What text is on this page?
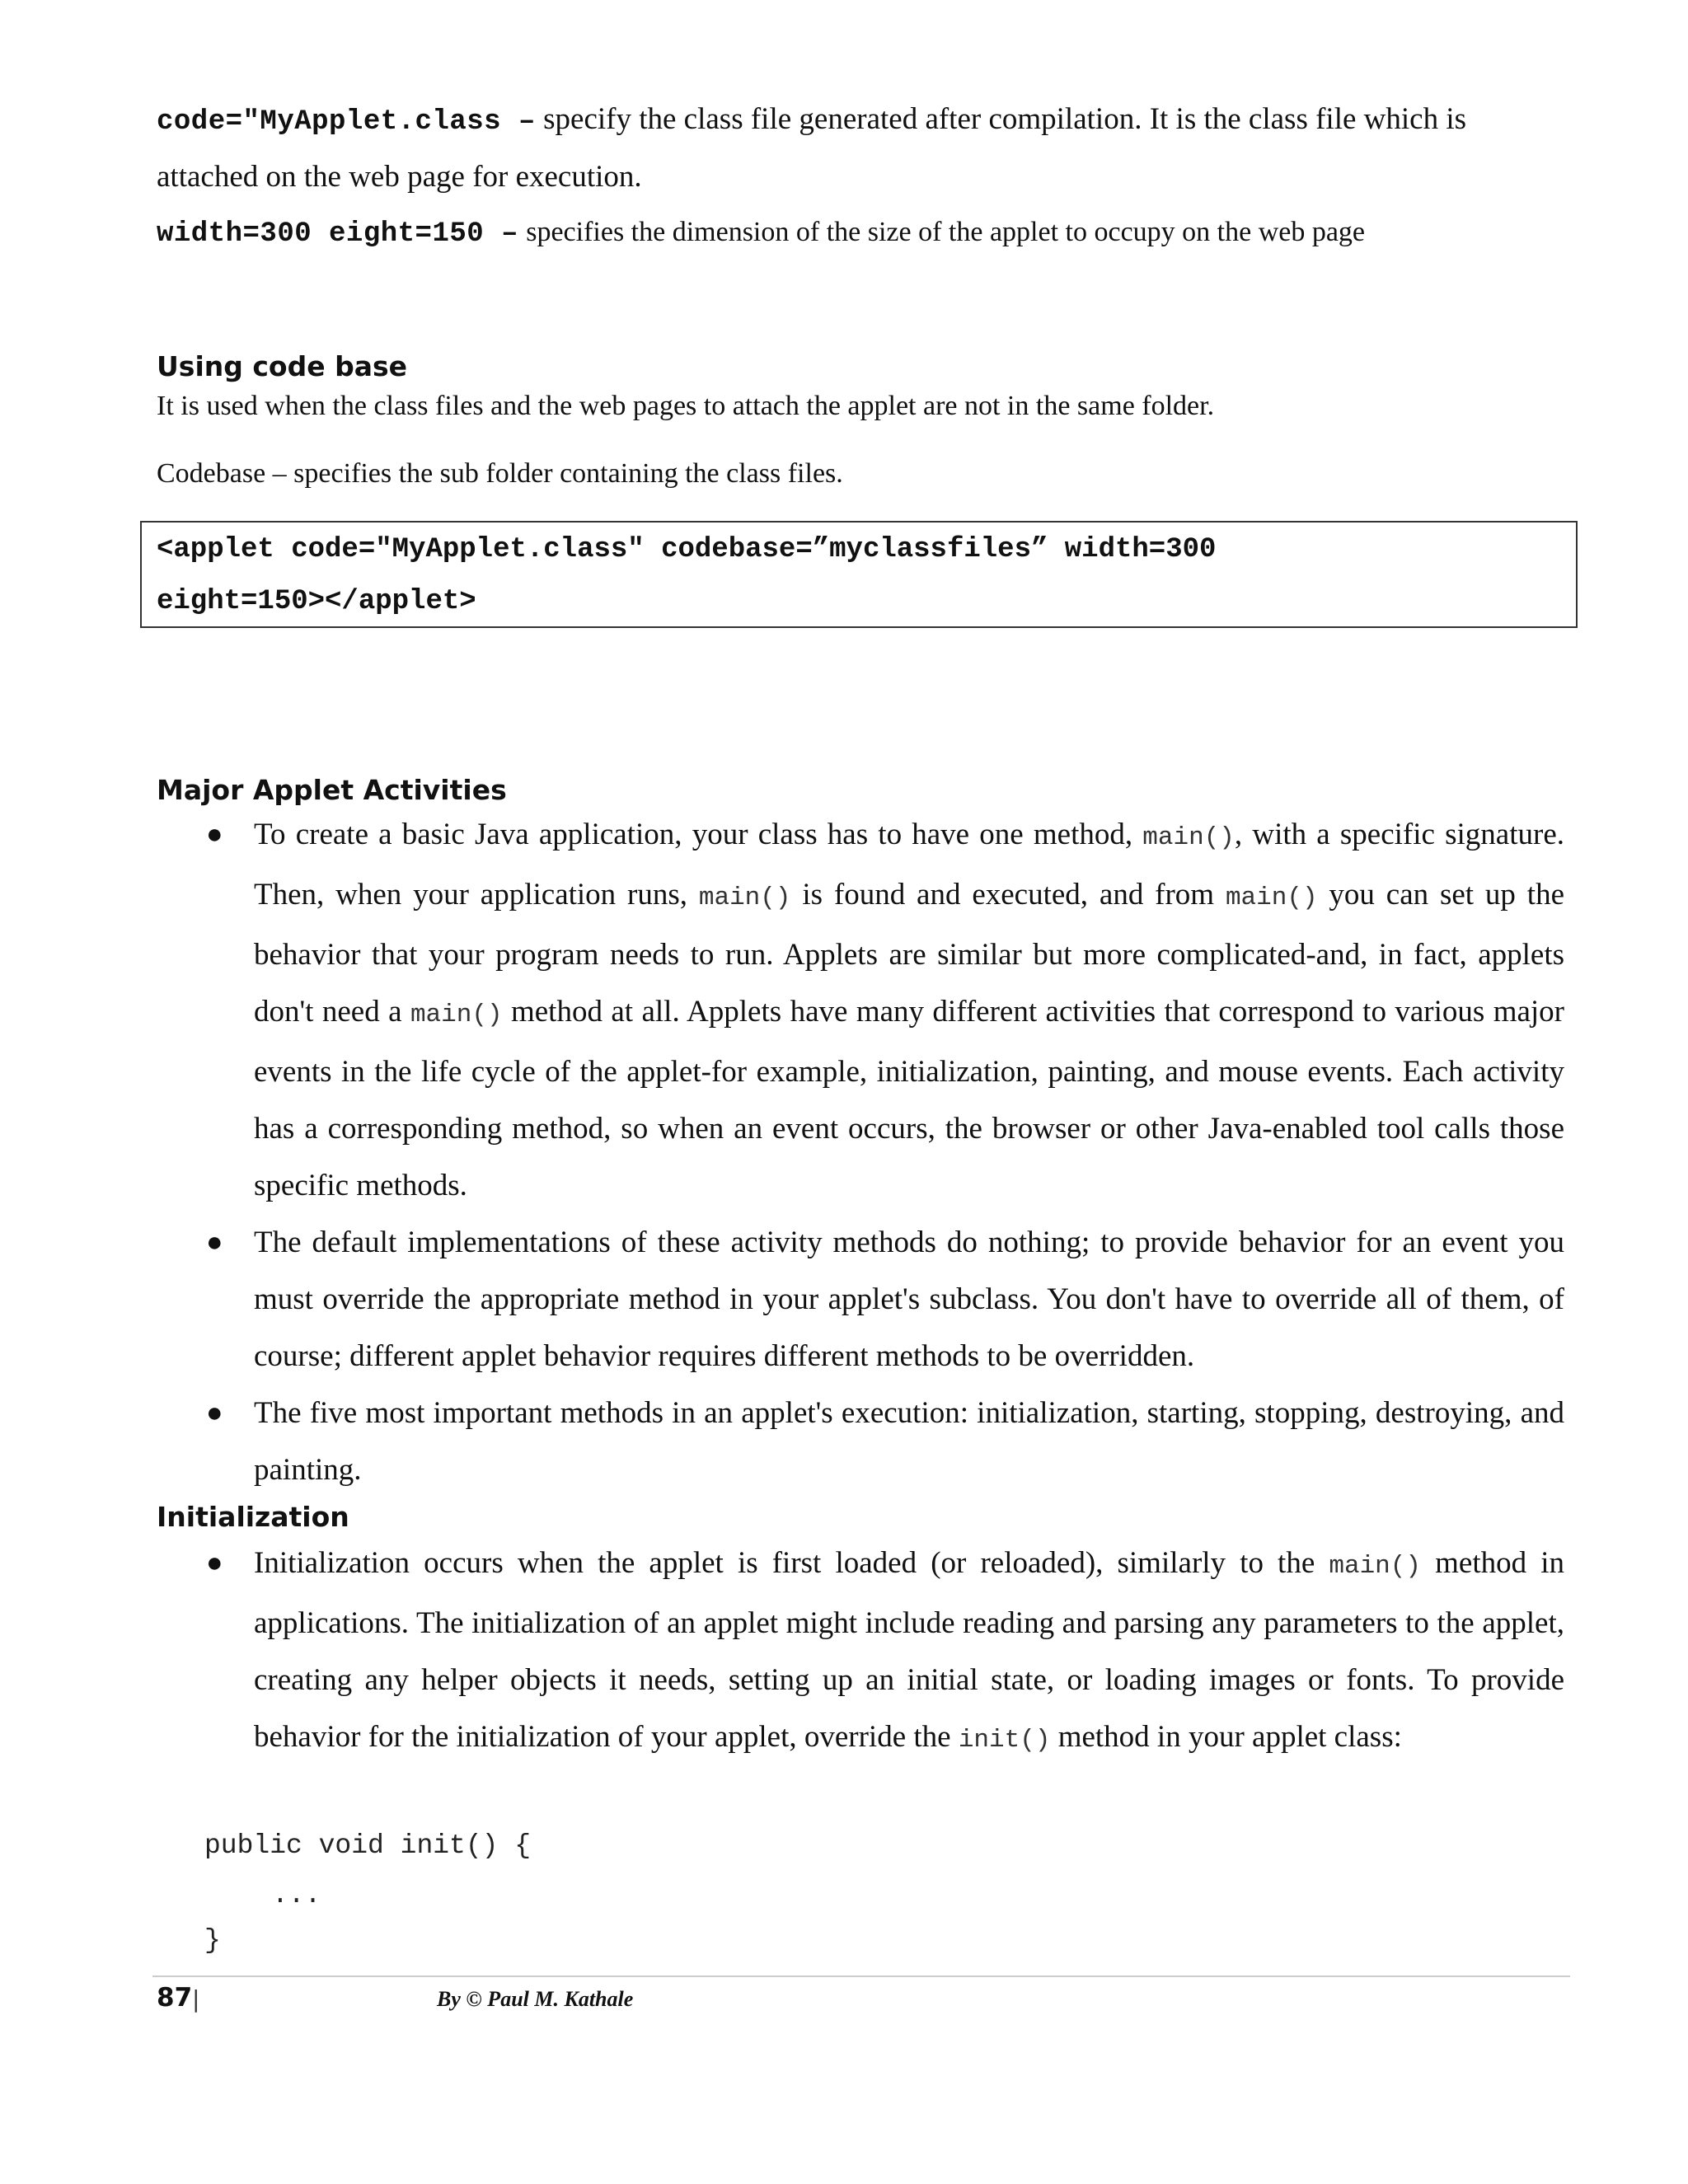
code="MyApplet.class – specify the class file generated after compilation. It is the class file which is
attached on the web page for execution.
width=300 eight=150 – specifies the dimension of the size of the applet to occupy on the web page
Using code base
It is used when the class files and the web pages to attach the applet are not in the same folder.
Codebase – specifies the sub folder containing the class files.
<applet code="MyApplet.class" codebase=”myclassfiles” width=300
eight=150></applet>
Major Applet Activities
● To create a basic Java application, your class has to have one method, main(), with a specific signature. Then, when your application runs, main() is found and executed, and from main() you can set up the behavior that your program needs to run. Applets are similar but more complicated-and, in fact, applets don't need a main() method at all. Applets have many different activities that correspond to various major events in the life cycle of the applet-for example, initialization, painting, and mouse events. Each activity has a corresponding method, so when an event occurs, the browser or other Java-enabled tool calls those specific methods.
● The default implementations of these activity methods do nothing; to provide behavior for an event you must override the appropriate method in your applet's subclass. You don't have to override all of them, of course; different applet behavior requires different methods to be overridden.
● The five most important methods in an applet's execution: initialization, starting, stopping, destroying, and painting.
Initialization
● Initialization occurs when the applet is first loaded (or reloaded), similarly to the main() method in applications. The initialization of an applet might include reading and parsing any parameters to the applet, creating any helper objects it needs, setting up an initial state, or loading images or fonts. To provide behavior for the initialization of your applet, override the init() method in your applet class:
public void init() {
...
}
87 |	By © Paul M. Kathale
